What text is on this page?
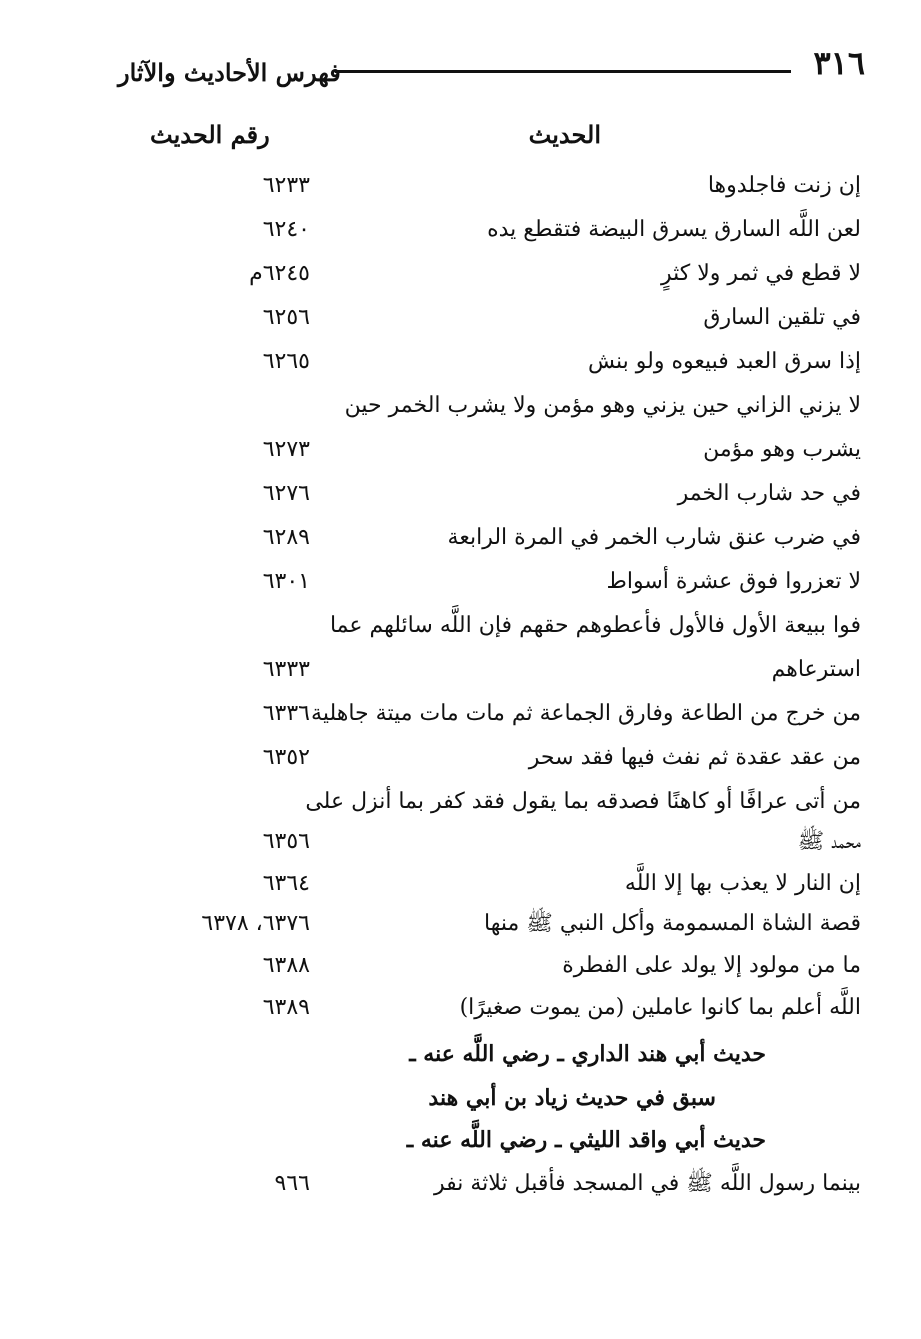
٣١٦
فهرس الأحاديث والآثار
الحديث
رقم الحديث
إن زنت فاجلدوها
٦٢٣٣
لعن اللَّه السارق يسرق البيضة فتقطع يده
٦٢٤٠
لا قطع في ثمر ولا كثرٍ
٦٢٤٥م
في تلقين السارق
٦٢٥٦
إذا سرق العبد فبيعوه ولو بنش
٦٢٦٥
لا يزني الزاني حين يزني وهو مؤمن ولا يشرب الخمر حين
يشرب وهو مؤمن
٦٢٧٣
في حد شارب الخمر
٦٢٧٦
في ضرب عنق شارب الخمر في المرة الرابعة
٦٢٨٩
لا تعزروا فوق عشرة أسواط
٦٣٠١
فوا ببيعة الأول فالأول فأعطوهم حقهم فإن اللَّه سائلهم عما
استرعاهم
٦٣٣٣
من خرج من الطاعة وفارق الجماعة ثم مات مات ميتة جاهلية
٦٣٣٦
من عقد عقدة ثم نفث فيها فقد سحر
٦٣٥٢
من أتى عرافًا أو كاهنًا فصدقه بما يقول فقد كفر بما أنزل على
محمد ﷺ
٦٣٥٦
إن النار لا يعذب بها إلا اللَّه
٦٣٦٤
قصة الشاة المسمومة وأكل النبي ﷺ منها
٦٣٧٦، ٦٣٧٨
ما من مولود إلا يولد على الفطرة
٦٣٨٨
اللَّه أعلم بما كانوا عاملين (من يموت صغيرًا)
٦٣٨٩
حديث أبي هند الداري ـ رضي اللَّه عنه ـ
سبق في حديث زياد بن أبي هند
حديث أبي واقد الليثي ـ رضي اللَّه عنه ـ
بينما رسول اللَّه ﷺ في المسجد فأقبل ثلاثة نفر
٩٦٦
